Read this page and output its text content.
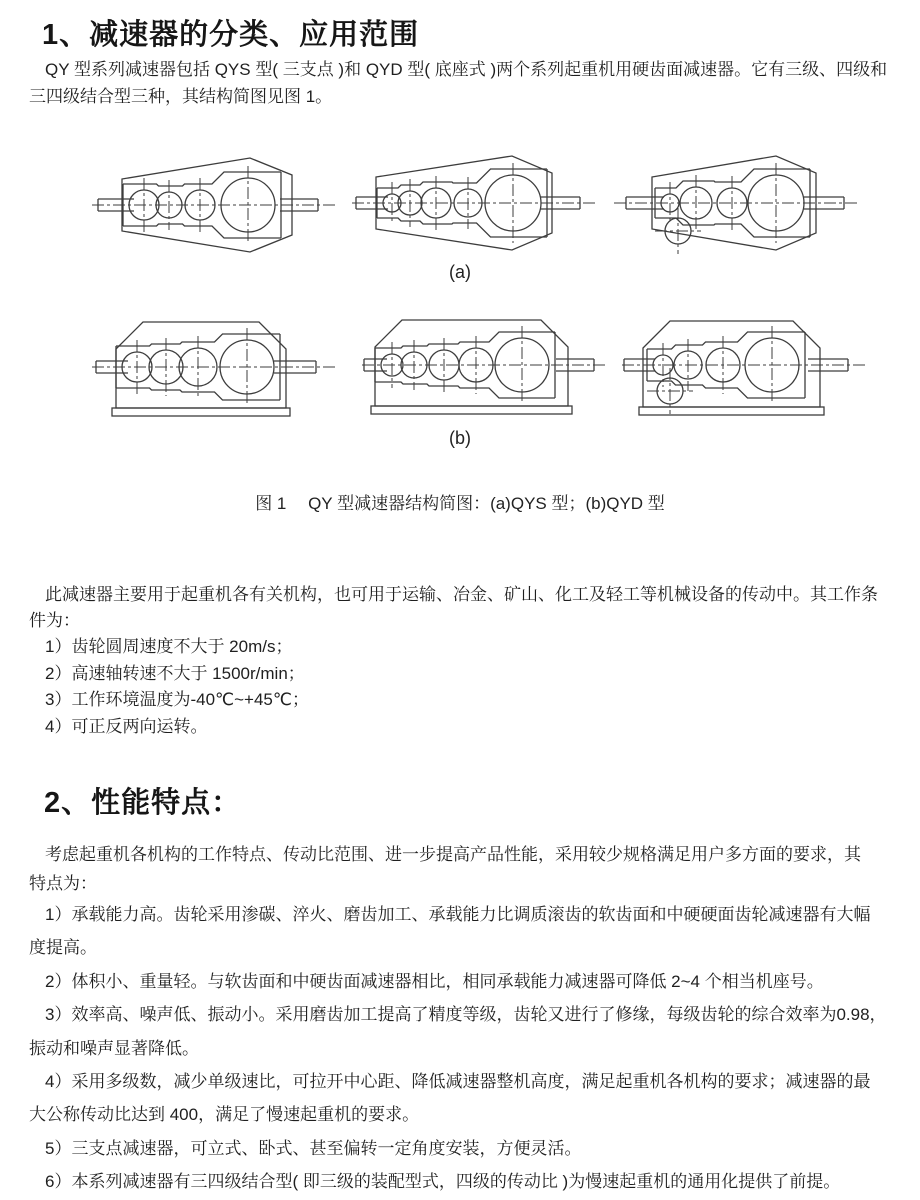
1、减速器的分类、应用范围
QY 型系列减速器包括 QYS 型( 三支点 )和 QYD 型( 底座式 )两个系列起重机用硬齿面减速器。它有三级、四级和
三四级结合型三种，其结构简图见图 1。
(a)
(b)
图 1　 QY 型减速器结构简图：(a)QYS 型；(b)QYD 型
此减速器主要用于起重机各有关机构，也可用于运输、冶金、矿山、化工及轻工等机械设备的传动中。其工作条
件为：
1）齿轮圆周速度不大于 20m/s；
2）高速轴转速不大于 1500r/min；
3）工作环境温度为-40℃~+45℃；
4）可正反两向运转。
2、性能特点：
考虑起重机各机构的工作特点、传动比范围、进一步提高产品性能，采用较少规格满足用户多方面的要求，其
特点为：
1）承载能力高。齿轮采用渗碳、淬火、磨齿加工、承载能力比调质滚齿的软齿面和中硬硬面齿轮减速器有大幅
度提高。
2）体积小、重量轻。与软齿面和中硬齿面减速器相比，相同承载能力减速器可降低 2~4 个相当机座号。
3）效率高、噪声低、振动小。采用磨齿加工提高了精度等级，齿轮又进行了修缘，每级齿轮的综合效率为0.98，
振动和噪声显著降低。
4）采用多级数，减少单级速比，可拉开中心距、降低减速器整机高度，满足起重机各机构的要求；减速器的最
大公称传动比达到 400，满足了慢速起重机的要求。
5）三支点减速器，可立式、卧式、甚至偏转一定角度安装，方便灵活。
6）本系列减速器有三四级结合型( 即三级的装配型式，四级的传动比 )为慢速起重机的通用化提供了前提。
